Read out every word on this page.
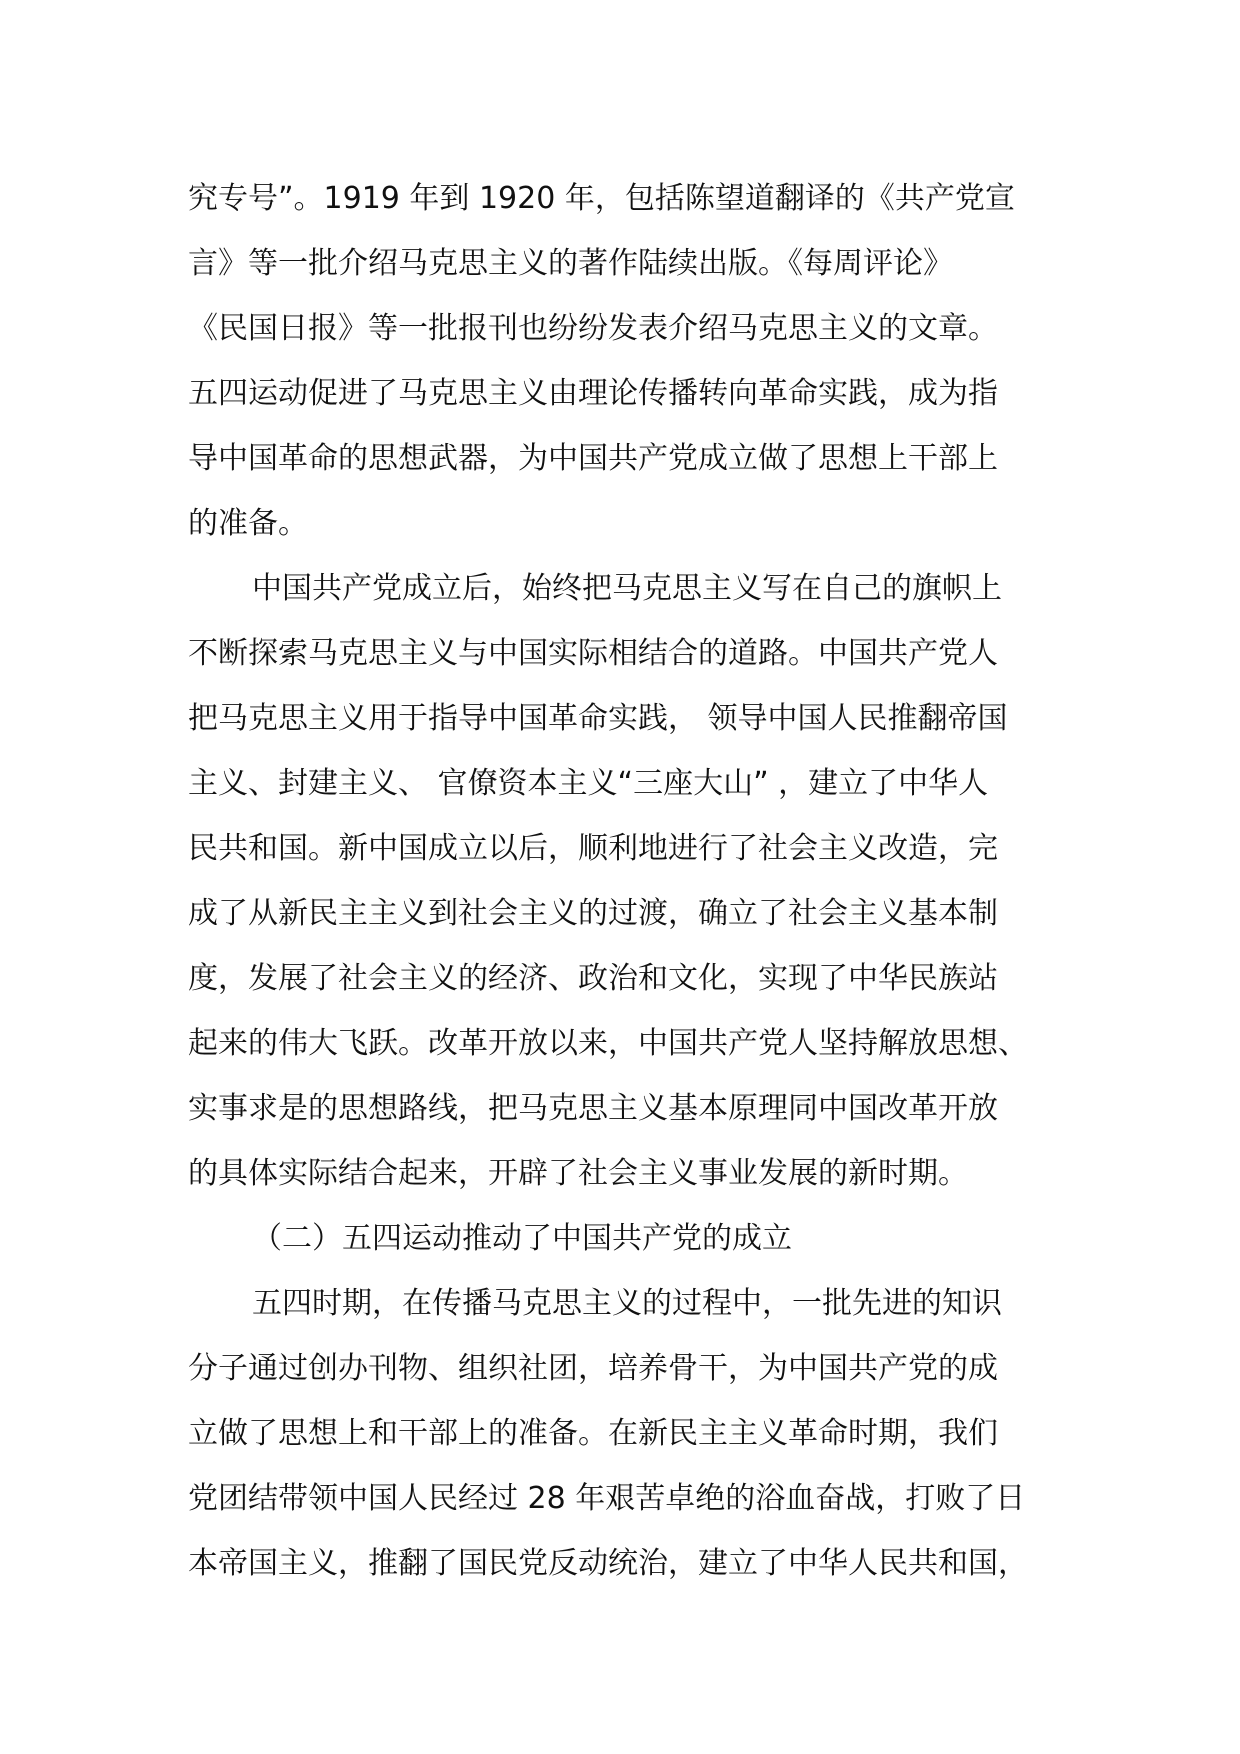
究专号”。1919 年到 1920 年，包括陈望道翻译的《共产党宣
言》等一批介绍马克思主义的著作陆续出版。《每周评论》
《民国日报》等一批报刊也纷纷发表介绍马克思主义的文章。
五四运动促进了马克思主义由理论传播转向革命实践，成为指
导中国革命的思想武器，为中国共产党成立做了思想上干部上
的准备。
中国共产党成立后，始终把马克思主义写在自己的旗帜上
不断探索马克思主义与中国实际相结合的道路。中国共产党人
把马克思主义用于指导中国革命实践， 领导中国人民推翻帝国
主义、封建主义、 官僚资本主义“三座大山” ，建立了中华人
民共和国。新中国成立以后，顺利地进行了社会主义改造，完
成了从新民主主义到社会主义的过渡，确立了社会主义基本制
度，发展了社会主义的经济、政治和文化，实现了中华民族站
起来的伟大飞跃。改革开放以来，中国共产党人坚持解放思想、
实事求是的思想路线，把马克思主义基本原理同中国改革开放
的具体实际结合起来，开辟了社会主义事业发展的新时期。
（二）五四运动推动了中国共产党的成立
五四时期，在传播马克思主义的过程中，一批先进的知识
分子通过创办刊物、组织社团，培养骨干，为中国共产党的成
立做了思想上和干部上的准备。在新民主主义革命时期，我们
党团结带领中国人民经过 28 年艰苦卓绝的浴血奋战，打败了日
本帝国主义，推翻了国民党反动统治，建立了中华人民共和国，
